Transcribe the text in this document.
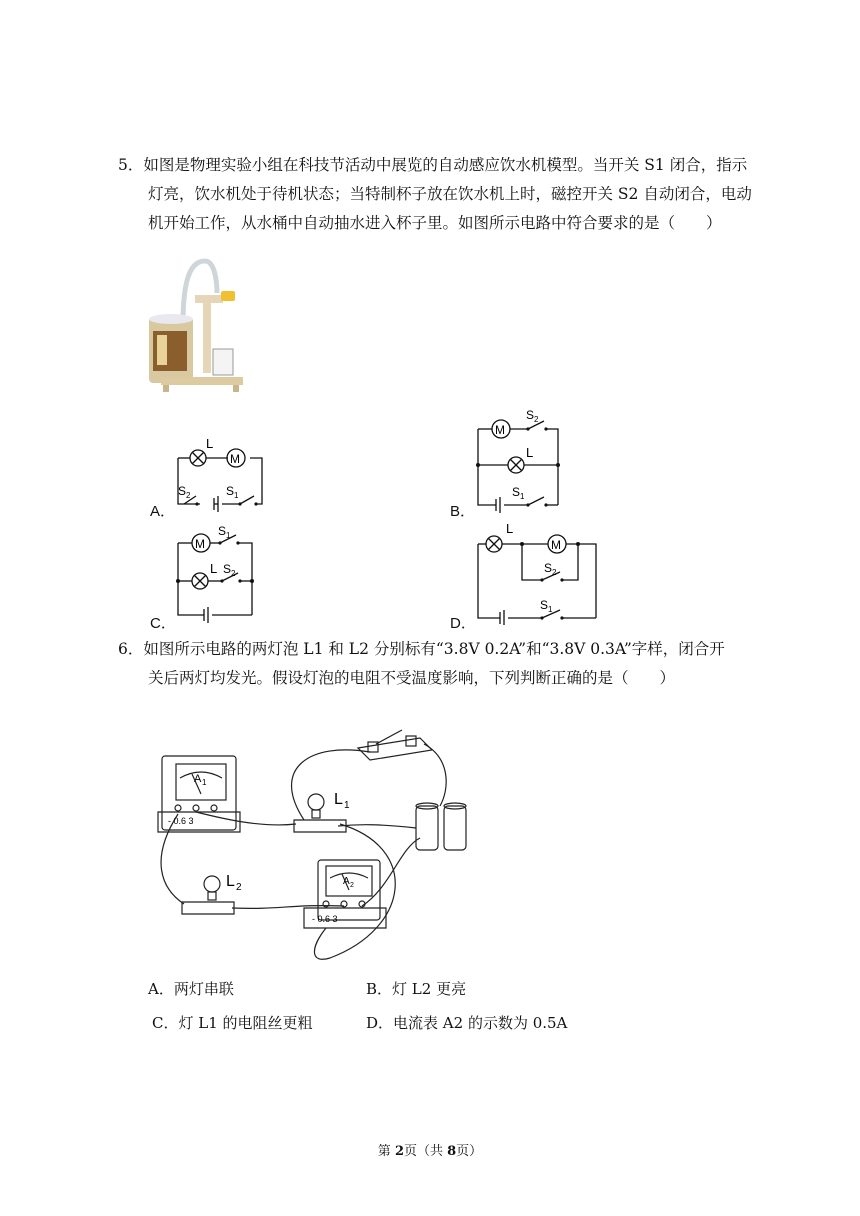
5．如图是物理实验小组在科技节活动中展览的自动感应饮水机模型。当开关 S1 闭合，指示
灯亮，饮水机处于待机状态；当特制杯子放在饮水机上时，磁控开关 S2 自动闭合，电动
机开始工作，从水桶中自动抽水进入杯子里。如图所示电路中符合要求的是（　　）
A．	B．
C．	D．
L
M
S 2	S 1
M
S 2
L
S 1
M
S 1
L S 2
L
M
S 2
S 1
6．如图所示电路的两灯泡 L1 和 L2 分别标有“3.8V 0.2A”和“3.8V 0.3A”字样，闭合开
关后两灯均发光。假设灯泡的电阻不受温度影响，下列判断正确的是（　　）
A 1
- 0.6 3
L 1
L 2
A 2
- 0.6 3
A．两灯串联	B．灯 L2 更亮
C．灯 L1 的电阻丝更粗	D．电流表 A2 的示数为 0.5A
第 2页（共 8页）
